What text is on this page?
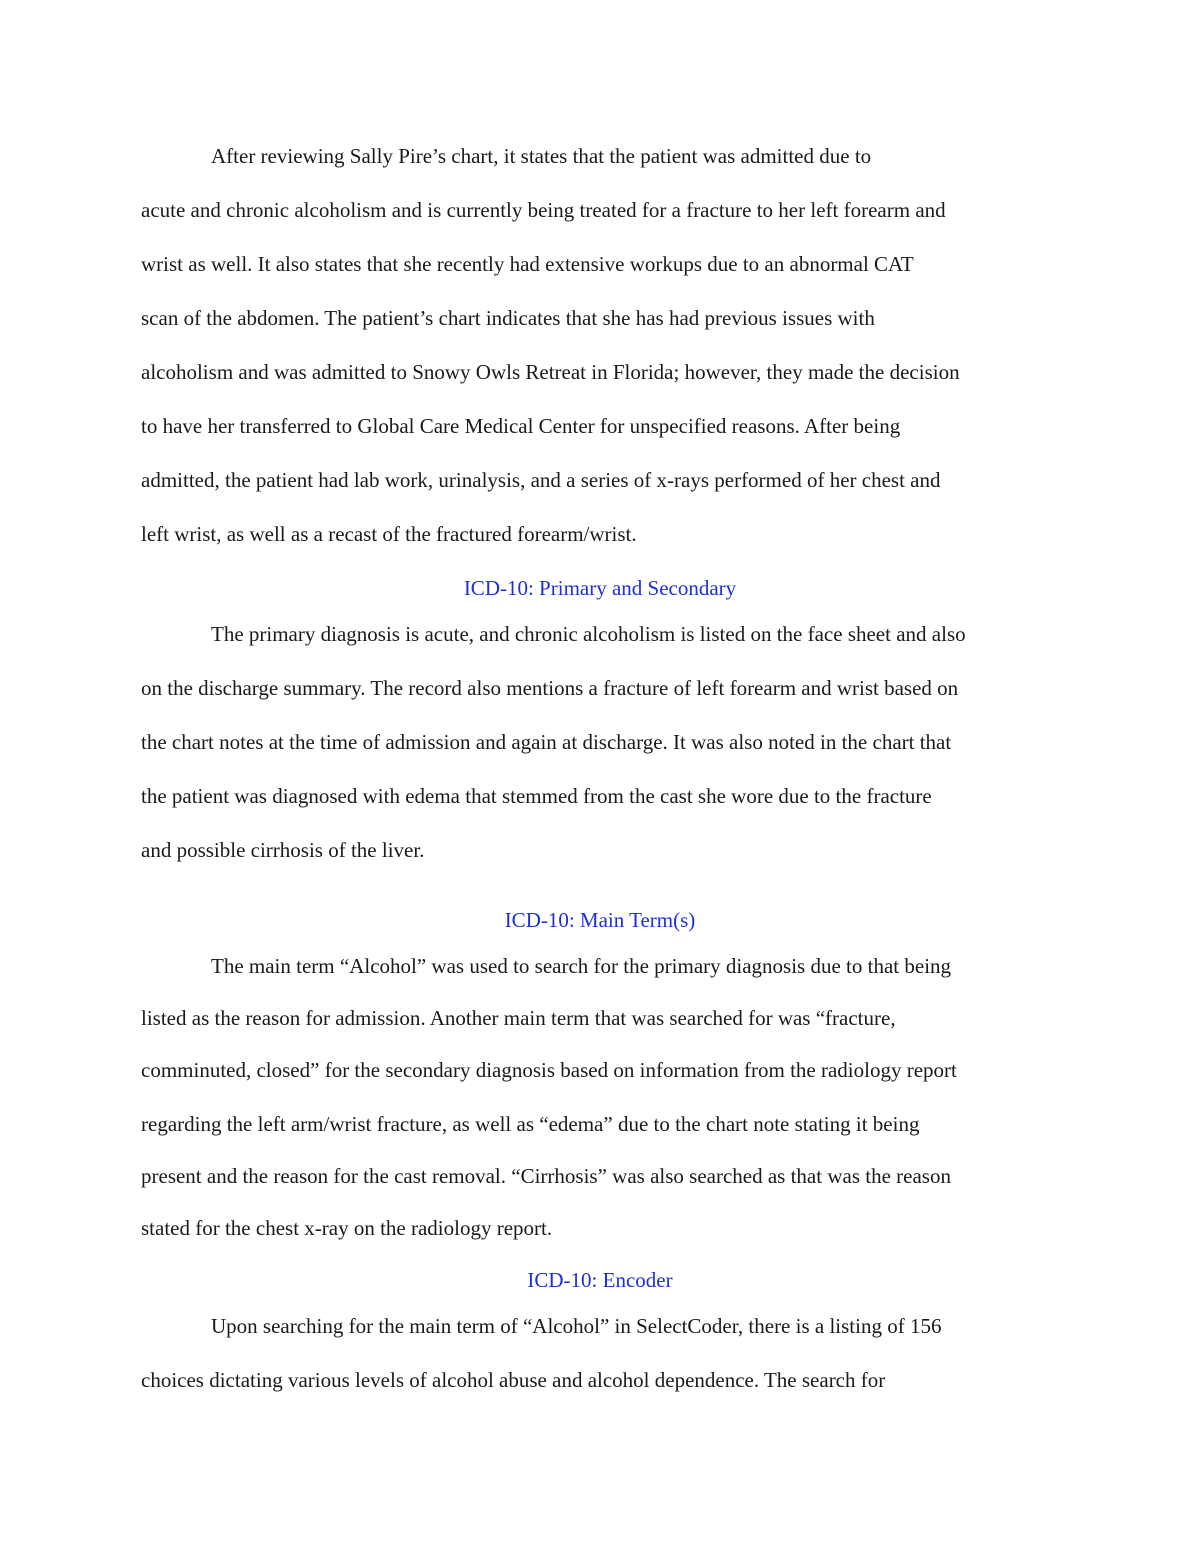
After reviewing Sally Pire’s chart, it states that the patient was admitted due to
acute and chronic alcoholism and is currently being treated for a fracture to her left forearm and
wrist as well. It also states that she recently had extensive workups due to an abnormal CAT
scan of the abdomen. The patient’s chart indicates that she has had previous issues with
alcoholism and was admitted to Snowy Owls Retreat in Florida; however, they made the decision
to have her transferred to Global Care Medical Center for unspecified reasons. After being
admitted, the patient had lab work, urinalysis, and a series of x-rays performed of her chest and
left wrist, as well as a recast of the fractured forearm/wrist.
ICD-10: Primary and Secondary
The primary diagnosis is acute, and chronic alcoholism is listed on the face sheet and also
on the discharge summary. The record also mentions a fracture of left forearm and wrist based on
the chart notes at the time of admission and again at discharge. It was also noted in the chart that
the patient was diagnosed with edema that stemmed from the cast she wore due to the fracture
and possible cirrhosis of the liver.
ICD-10: Main Term(s)
The main term “Alcohol” was used to search for the primary diagnosis due to that being
listed as the reason for admission. Another main term that was searched for was “fracture,
comminuted, closed” for the secondary diagnosis based on information from the radiology report
regarding the left arm/wrist fracture, as well as “edema” due to the chart note stating it being
present and the reason for the cast removal. “Cirrhosis” was also searched as that was the reason
stated for the chest x-ray on the radiology report.
ICD-10: Encoder
Upon searching for the main term of “Alcohol” in SelectCoder, there is a listing of 156
choices dictating various levels of alcohol abuse and alcohol dependence. The search for
